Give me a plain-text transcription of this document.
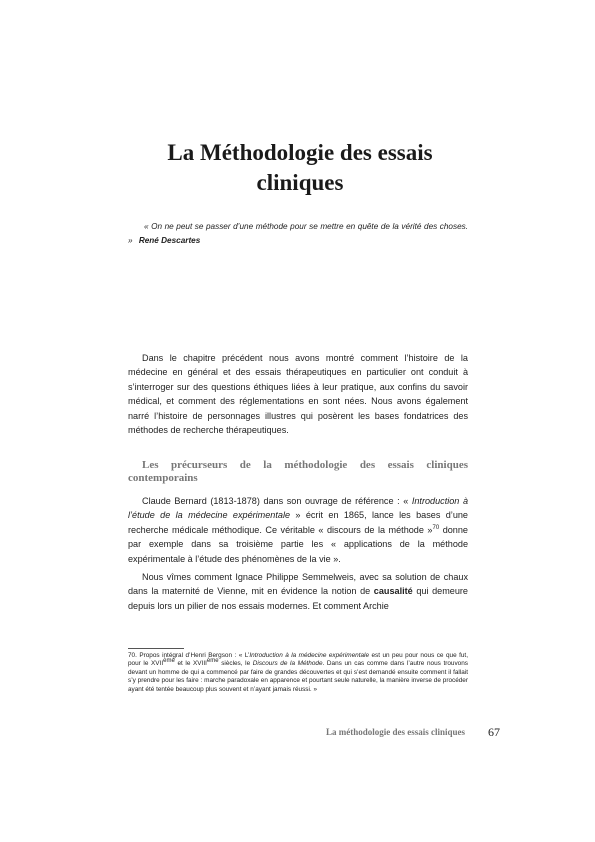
La Méthodologie des essais
cliniques

« On ne peut se passer d’une méthode pour se mettre en quête de la vérité des choses. » René Descartes

Dans le chapitre précédent nous avons montré comment l’histoire de la médecine en général et des essais thérapeutiques en particulier ont conduit à s’interroger sur des questions éthiques liées à leur pratique, aux confins du savoir médical, et comment des réglementations en sont nées. Nous avons également narré l’histoire de personnages illustres qui posèrent les bases fondatrices des méthodes de recherche thérapeutiques.

Les précurseurs de la méthodologie des essais cliniques contemporains

Claude Bernard (1813-1878) dans son ouvrage de référence : « Introduction à l’étude de la médecine expérimentale » écrit en 1865, lance les bases d’une recherche médicale méthodique. Ce véritable « discours de la méthode »$^{70}$ donne par exemple dans sa troisième partie les « applications de la méthode expérimentale à l’étude des phénomènes de la vie ».

Nous vîmes comment Ignace Philippe Semmelweis, avec sa solution de chaux dans la maternité de Vienne, mit en évidence la notion de causalité qui demeure depuis lors un pilier de nos essais modernes. Et comment Archie

70. Propos intégral d’Henri Bergson : « L’Introduction à la médecine expérimentale est un peu pour nous ce que fut, pour le XVIIème et le XVIIIème siècles, le Discours de la Méthode. Dans un cas comme dans l’autre nous trouvons devant un homme de qui a commencé par faire de grandes découvertes et qui s’est demandé ensuite comment il fallait s’y prendre pour les faire : marche paradoxale en apparence et pourtant seule naturelle, la manière inverse de procéder ayant été tentée beaucoup plus souvent et n’ayant jamais réussi. »

La méthodologie des essais cliniques 67
